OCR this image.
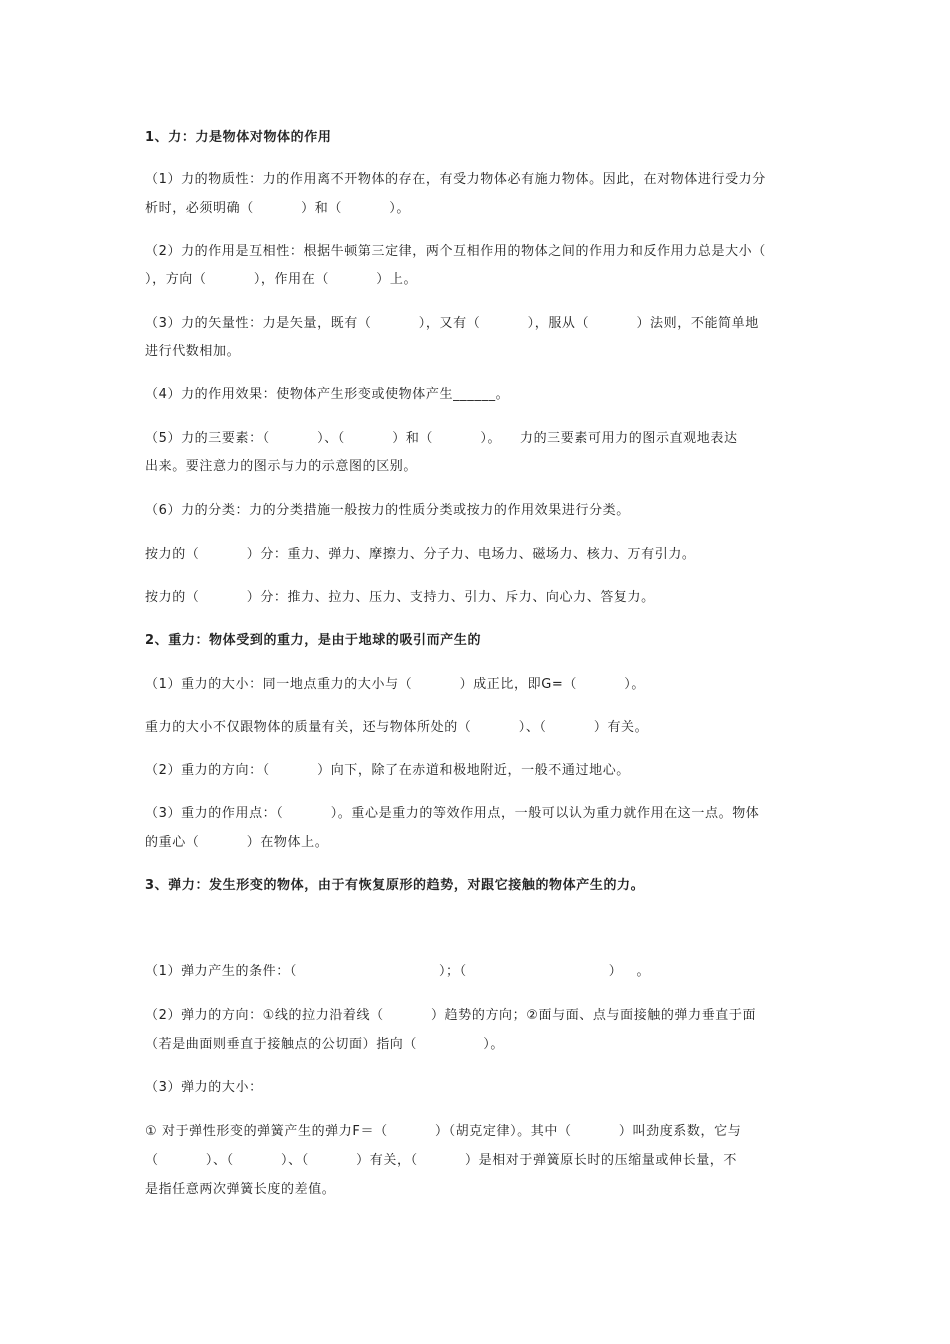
1、力：力是物体对物体的作用
（1）力的物质性：力的作用离不开物体的存在，有受力物体必有施力物体。因此，在对物体进行受力分
析时，必须明确（          ）和（          ）。
（2）力的作用是互相性：根据牛顿第三定律，两个互相作用的物体之间的作用力和反作用力总是大小（
），方向（          ），作用在（          ）上。
（3）力的矢量性：力是矢量，既有（          ），又有（          ），服从（          ）法则，不能简单地
进行代数相加。
（4）力的作用效果：使物体产生形变或使物体产生______。
（5）力的三要素：（          ）、（          ）和（          ）。    力的三要素可用力的图示直观地表达
出来。要注意力的图示与力的示意图的区别。
（6）力的分类：力的分类措施一般按力的性质分类或按力的作用效果进行分类。
按力的（          ）分：重力、弹力、摩擦力、分子力、电场力、磁场力、核力、万有引力。
按力的（          ）分：推力、拉力、压力、支持力、引力、斥力、向心力、答复力。
2、重力：物体受到的重力，是由于地球的吸引而产生的
（1）重力的大小：同一地点重力的大小与（          ）成正比，即G=（          ）。
重力的大小不仅跟物体的质量有关，还与物体所处的（          ）、（          ）有关。
（2）重力的方向：（          ）向下，除了在赤道和极地附近，一般不通过地心。
（3）重力的作用点：（          ）。重心是重力的等效作用点，一般可以认为重力就作用在这一点。物体
的重心（          ）在物体上。
3、弹力：发生形变的物体，由于有恢复原形的趋势，对跟它接触的物体产生的力。
（1）弹力产生的条件：（                              ）；（                              ）   。
（2）弹力的方向：①线的拉力沿着线（          ）趋势的方向；②面与面、点与面接触的弹力垂直于面
（若是曲面则垂直于接触点的公切面）指向（              ）。
（3）弹力的大小：
① 对于弹性形变的弹簧产生的弹力F＝（          ）（胡克定律）。其中（          ）叫劲度系数，它与
（          ）、（          ）、（          ）有关，（          ）是相对于弹簧原长时的压缩量或伸长量，不
是指任意两次弹簧长度的差值。
